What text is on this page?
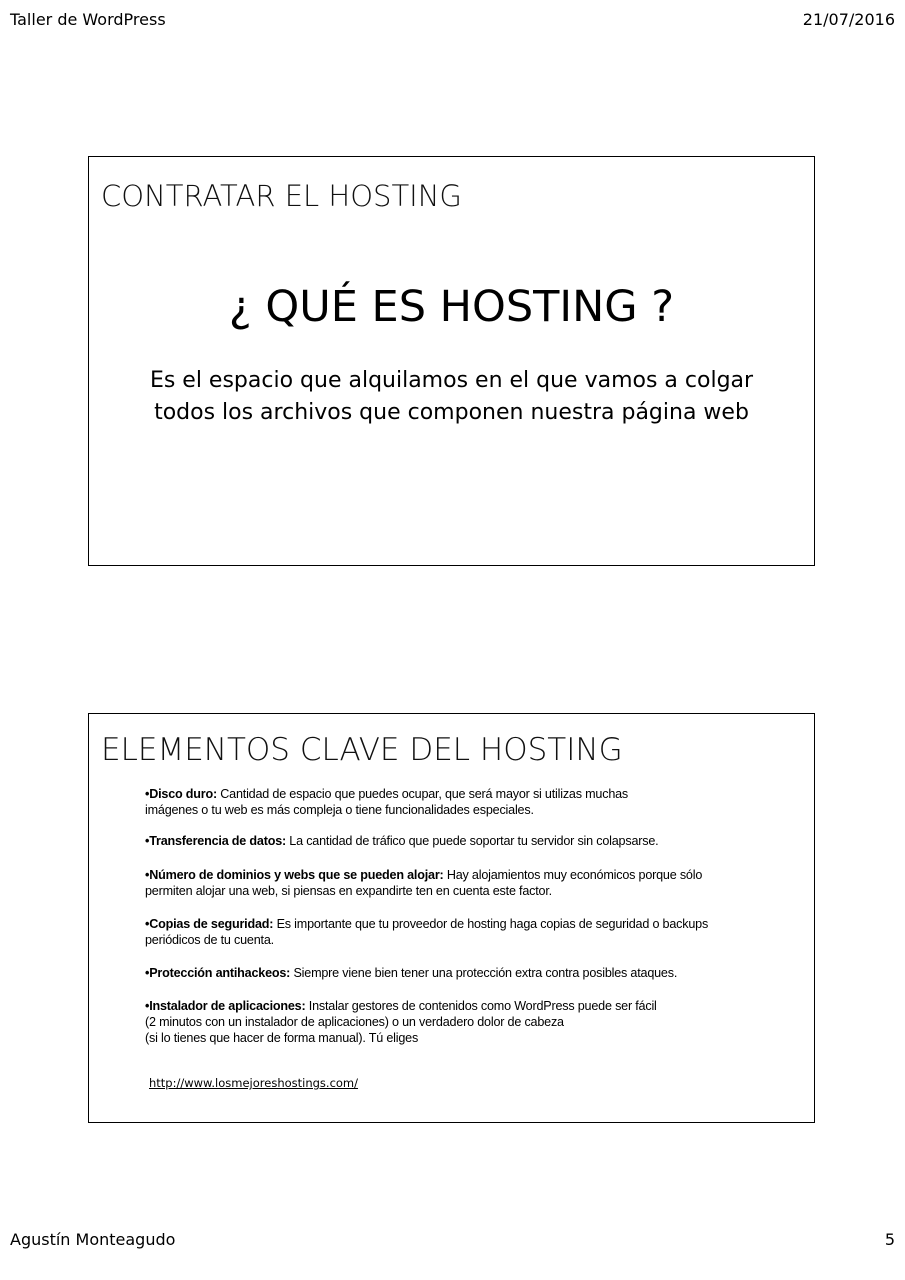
Taller de WordPress	21/07/2016
CONTRATAR EL HOSTING
¿ QUÉ ES HOSTING ?
Es el espacio que alquilamos en el que vamos a colgar
todos los archivos que componen nuestra página web
ELEMENTOS CLAVE DEL HOSTING
•Disco duro: Cantidad de espacio que puedes ocupar, que será mayor si utilizas muchas
imágenes o tu web es más compleja o tiene funcionalidades especiales.
•Transferencia de datos: La cantidad de tráfico que puede soportar tu servidor sin colapsarse.
•Número de dominios y webs que se pueden alojar: Hay alojamientos muy económicos porque sólo
permiten alojar una web, si piensas en expandirte ten en cuenta este factor.
•Copias de seguridad: Es importante que tu proveedor de hosting haga copias de seguridad o backups
periódicos de tu cuenta.
•Protección antihackeos: Siempre viene bien tener una protección extra contra posibles ataques.
•Instalador de aplicaciones: Instalar gestores de contenidos como WordPress puede ser fácil
(2 minutos con un instalador de aplicaciones) o un verdadero dolor de cabeza
(si lo tienes que hacer de forma manual). Tú eliges
http://www.losmejoreshostings.com/
Agustín Monteagudo	5
